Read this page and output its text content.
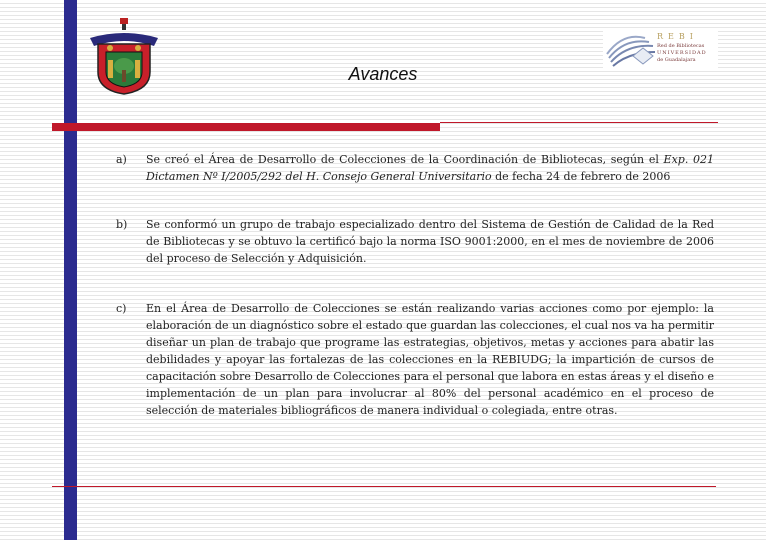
REBI
Red de Bibliotecas
UNIVERSIDAD
de Guadalajara
Avances
a) Se creó el Área de Desarrollo de Colecciones de la Coordinación de Bibliotecas, según el Exp. 021 Dictamen Nº I/2005/292 del H. Consejo General Universitario de fecha 24 de febrero de 2006
b) Se conformó un grupo de trabajo especializado dentro del Sistema de Gestión de Calidad de la Red de Bibliotecas y se obtuvo la certificó bajo la norma ISO 9001:2000, en el mes de noviembre de 2006 del proceso de Selección y Adquisición.
c) En el Área de Desarrollo de Colecciones se están realizando varias acciones como por ejemplo: la elaboración de un diagnóstico sobre el estado que guardan las colecciones, el cual nos va ha permitir diseñar un plan de trabajo que programe las estrategias, objetivos, metas y acciones para abatir las debilidades y apoyar las fortalezas de las colecciones en la REBIUDG; la impartición de cursos de capacitación sobre Desarrollo de Colecciones para el personal que labora en estas áreas y el diseño e implementación de un plan para involucrar al 80% del personal académico en el proceso de selección de materiales bibliográficos de manera individual o colegiada, entre otras.
